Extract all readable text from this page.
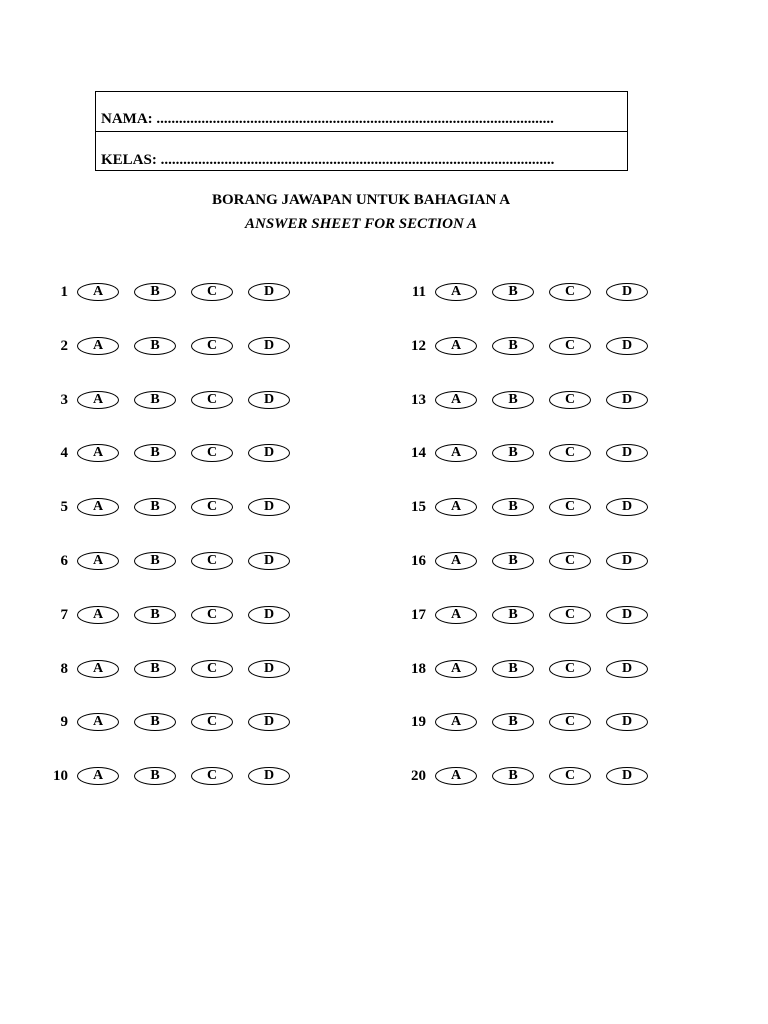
NAMA: ..........................................................................................................
KELAS: .........................................................................................................
BORANG JAWAPAN UNTUK BAHAGIAN A
ANSWER SHEET FOR SECTION A
1	A	B	C	D
2	A	B	C	D
3	A	B	C	D
4	A	B	C	D
5	A	B	C	D
6	A	B	C	D
7	A	B	C	D
8	A	B	C	D
9	A	B	C	D
10	A	B	C	D
11	A	B	C	D
12	A	B	C	D
13	A	B	C	D
14	A	B	C	D
15	A	B	C	D
16	A	B	C	D
17	A	B	C	D
18	A	B	C	D
19	A	B	C	D
20	A	B	C	D
